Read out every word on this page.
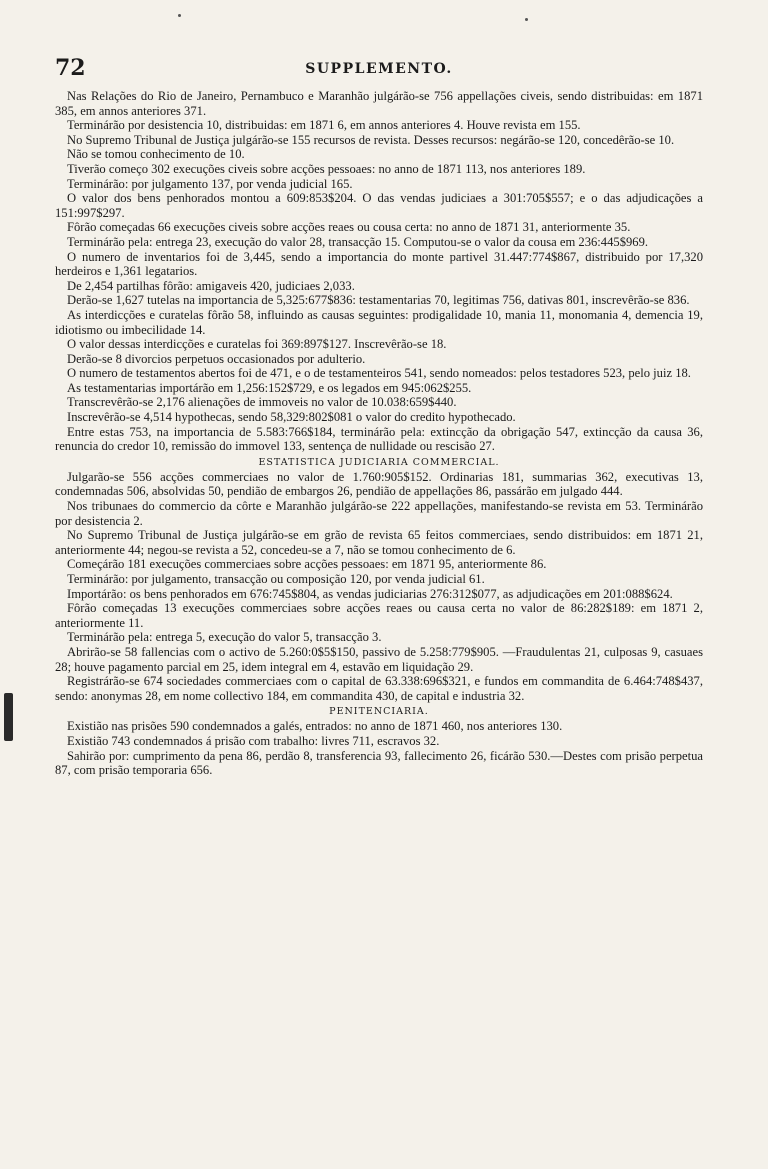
72	SUPPLEMENTO.

Nas Relações do Rio de Janeiro, Pernambuco e Maranhão julgárão-se 756 appellações civeis, sendo distribuidas: em 1871 385, em annos anteriores 371.

Terminárão por desistencia 10, distribuidas: em 1871 6, em annos anteriores 4. Houve revista em 155.

No Supremo Tribunal de Justiça julgárão-se 155 recursos de revista. Desses recursos: negárão-se 120, concedêrão-se 10.

Não se tomou conhecimento de 10.

Tiverão começo 302 execuções civeis sobre acções pessoaes: no anno de 1871 113, nos anteriores 189.

Terminárão: por julgamento 137, por venda judicial 165.

O valor dos bens penhorados montou a 609:853$204. O das vendas judiciaes a 301:705$557; e o das adjudicações a 151:997$297.

Fôrão começadas 66 execuções civeis sobre acções reaes ou cousa certa: no anno de 1871 31, anteriormente 35.

Terminárão pela: entrega 23, execução do valor 28, transacção 15. Computou-se o valor da cousa em 236:445$969.

O numero de inventarios foi de 3,445, sendo a importancia do monte partivel 31.447:774$867, distribuido por 17,320 herdeiros e 1,361 legatarios.

De 2,454 partilhas fôrão: amigaveis 420, judiciaes 2,033.

Derão-se 1,627 tutelas na importancia de 5,325:677$836: testamentarias 70, legitimas 756, dativas 801, inscrevêrão-se 836.

As interdicções e curatelas fôrão 58, influindo as causas seguintes: prodigalidade 10, mania 11, monomania 4, demencia 19, idiotismo ou imbecilidade 14.

O valor dessas interdicções e curatelas foi 369:897$127. Inscrevêrão-se 18.

Derão-se 8 divorcios perpetuos occasionados por adulterio.

O numero de testamentos abertos foi de 471, e o de testamenteiros 541, sendo nomeados: pelos testadores 523, pelo juiz 18.

As testamentarias importárão em 1,256:152$729, e os legados em 945:062$255.

Transcrevêrão-se 2,176 alienações de immoveis no valor de 10.038:659$440.

Inscrevêrão-se 4,514 hypothecas, sendo 58,329:802$081 o valor do credito hypothecado.

Entre estas 753, na importancia de 5.583:766$184, terminárão pela: extincção da obrigação 547, extincção da causa 36, renuncia do credor 10, remissão do immovel 133, sentença de nullidade ou rescisão 27.

ESTATISTICA JUDICIARIA COMMERCIAL.

Julgarão-se 556 acções commerciaes no valor de 1.760:905$152. Ordinarias 181, summarias 362, executivas 13, condemnadas 506, absolvidas 50, pendião de embargos 26, pendião de appellações 86, passárão em julgado 444.

Nos tribunaes do commercio da côrte e Maranhão julgárão-se 222 appellações, manifestando-se revista em 53. Terminárão por desistencia 2.

No Supremo Tribunal de Justiça julgárão-se em grão de revista 65 feitos commerciaes, sendo distribuidos: em 1871 21, anteriormente 44; negou-se revista a 52, concedeu-se a 7, não se tomou conhecimento de 6.

Começárão 181 execuções commerciaes sobre acções pessoaes: em 1871 95, anteriormente 86.

Terminárão: por julgamento, transacção ou composição 120, por venda judicial 61.

Importárão: os bens penhorados em 676:745$804, as vendas judiciarias 276:312$077, as adjudicações em 201:088$624.

Fôrão começadas 13 execuções commerciaes sobre acções reaes ou causa certa no valor de 86:282$189: em 1871 2, anteriormente 11.

Terminárão pela: entrega 5, execução do valor 5, transacção 3.

Abrirão-se 58 fallencias com o activo de 5.260:0$5$150, passivo de 5.258:779$905. —Fraudulentas 21, culposas 9, casuaes 28; houve pagamento parcial em 25, idem integral em 4, estavão em liquidação 29.

Registrárão-se 674 sociedades commerciaes com o capital de 63.338:696$321, e fundos em commandita de 6.464:748$437, sendo: anonymas 28, em nome collectivo 184, em commandita 430, de capital e industria 32.

PENITENCIARIA.

Existião nas prisões 590 condemnados a galés, entrados: no anno de 1871 460, nos anteriores 130.

Existião 743 condemnados á prisão com trabalho: livres 711, escravos 32.

Sahirão por: cumprimento da pena 86, perdão 8, transferencia 93, fallecimento 26, ficárão 530.—Destes com prisão perpetua 87, com prisão temporaria 656.
